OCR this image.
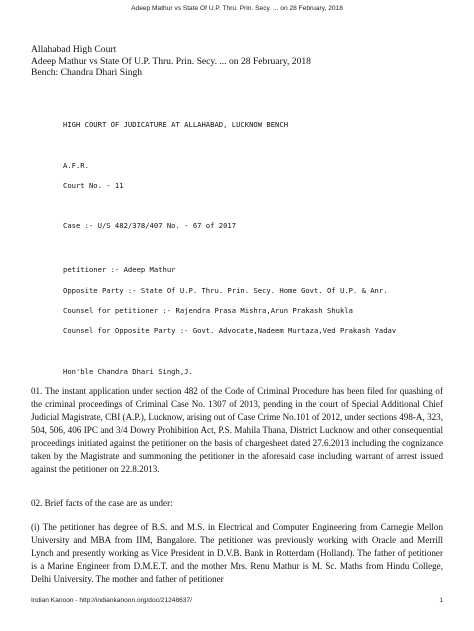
Adeep Mathur vs State Of U.P. Thru. Prin. Secy. ... on 28 February, 2018
Allahabad High Court
Adeep Mathur vs State Of U.P. Thru. Prin. Secy. ... on 28 February, 2018
Bench: Chandra Dhari Singh
HIGH COURT OF JUDICATURE AT ALLAHABAD, LUCKNOW BENCH
A.F.R.
Court No. - 11
Case :- U/S 482/378/407 No. - 67 of 2017
petitioner :- Adeep Mathur
Opposite Party :- State Of U.P. Thru. Prin. Secy. Home Govt. Of U.P. & Anr.
Counsel for petitioner :- Rajendra Prasa Mishra,Arun Prakash Shukla
Counsel for Opposite Party :- Govt. Advocate,Nadeem Murtaza,Ved Prakash Yadav
Hon'ble Chandra Dhari Singh,J.
01. The instant application under section 482 of the Code of Criminal Procedure has been filed for quashing of the criminal proceedings of Criminal Case No. 1307 of 2013, pending in the court of Special Additional Chief Judicial Magistrate, CBI (A.P.), Lucknow, arising out of Case Crime No.101 of 2012, under sections 498-A, 323, 504, 506, 406 IPC and 3/4 Dowry Prohibition Act, P.S. Mahila Thana, District Lucknow and other consequential proceedings initiated against the petitioner on the basis of chargesheet dated 27.6.2013 including the cognizance taken by the Magistrate and summoning the petitioner in the aforesaid case including warrant of arrest issued against the petitioner on 22.8.2013.
02. Brief facts of the case are as under:
(i) The petitioner has degree of B.S. and M.S. in Electrical and Computer Engineering from Carnegie Mellon University and MBA from IIM, Bangalore. The petitioner was previously working with Oracle and Merrill Lynch and presently working as Vice President in D.V.B. Bank in Rotterdam (Holland). The father of petitioner is a Marine Engineer from D.M.E.T. and the mother Mrs. Renu Mathur is M. Sc. Maths from Hindu College, Delhi University. The mother and father of petitioner
Indian Kanoon - http://indiankanoon.org/doc/21248637/	1
